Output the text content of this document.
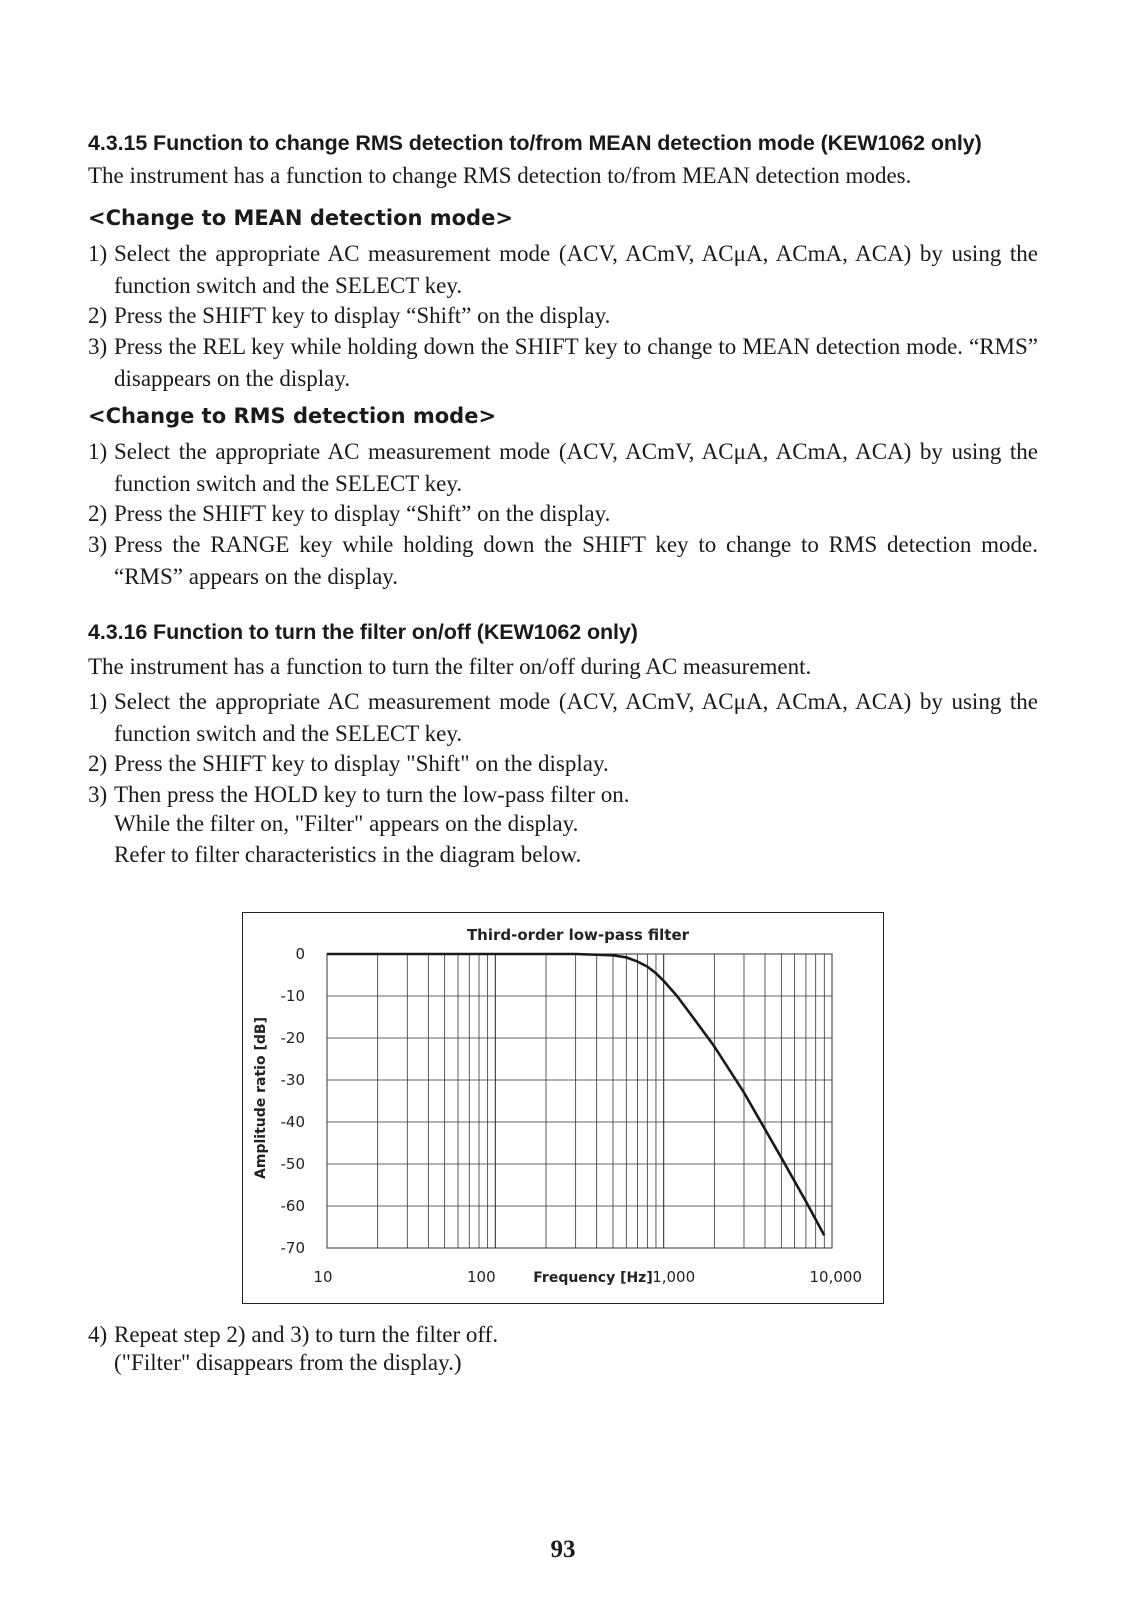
4.3.15 Function to change RMS detection to/from MEAN detection mode (KEW1062 only)
The instrument has a function to change RMS detection to/from MEAN detection modes.
<Change to MEAN detection mode>
1) Select the appropriate AC measurement mode (ACV, ACmV, ACμA, ACmA, ACA) by using the function switch and the SELECT key.
2) Press the SHIFT key to display “Shift” on the display.
3) Press the REL key while holding down the SHIFT key to change to MEAN detection mode. “RMS” disappears on the display.
<Change to RMS detection mode>
1) Select the appropriate AC measurement mode (ACV, ACmV, ACμA, ACmA, ACA) by using the function switch and the SELECT key.
2) Press the SHIFT key to display “Shift” on the display.
3) Press the RANGE key while holding down the SHIFT key to change to RMS detection mode. “RMS” appears on the display.
4.3.16 Function to turn the filter on/off (KEW1062 only)
The instrument has a function to turn the filter on/off during AC measurement.
1) Select the appropriate AC measurement mode (ACV, ACmV, ACμA, ACmA, ACA) by using the function switch and the SELECT key.
2) Press the SHIFT key to display "Shift" on the display.
3) Then press the HOLD key to turn the low-pass filter on.
While the filter on, "Filter" appears on the display.
Refer to filter characteristics in the diagram below.
Third-order low-pass filter
Amplitude ratio [dB]
0
-10
-20
-30
-40
-50
-60
-70
10	100	1,000	10,000
Frequency [Hz]
4) Repeat step 2) and 3) to turn the filter off.
("Filter" disappears from the display.)
93
